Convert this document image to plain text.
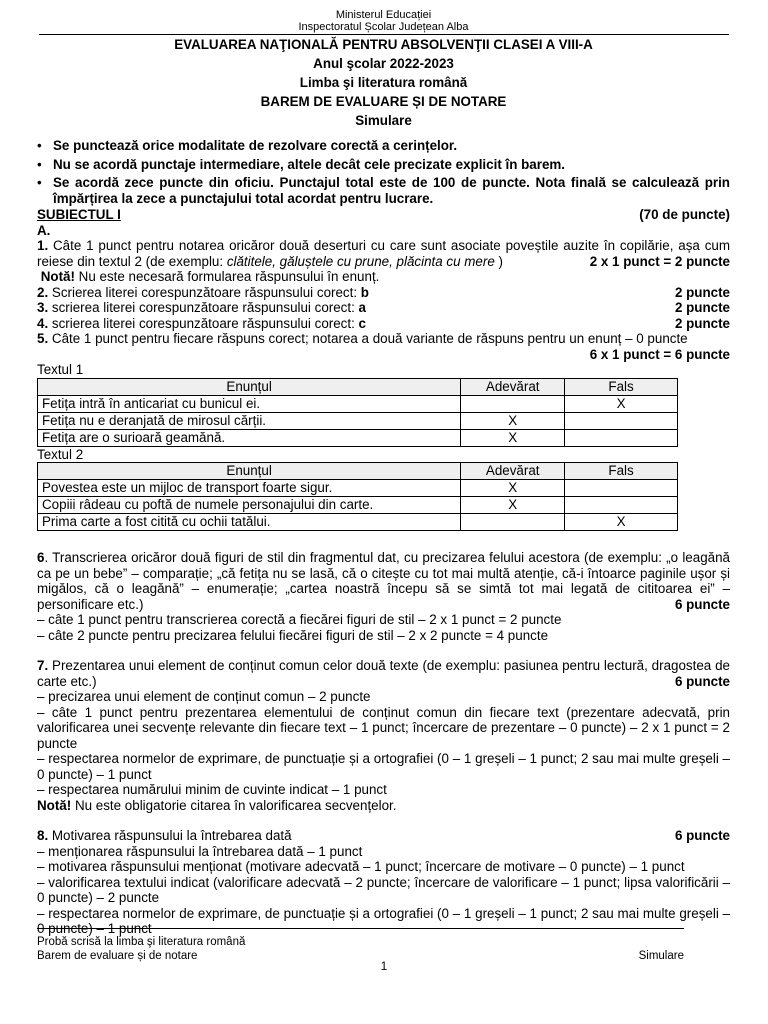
Ministerul Educației
Inspectoratul Școlar Județean Alba
EVALUAREA NAŢIONALĂ PENTRU ABSOLVENŢII CLASEI A VIII-A
Anul şcolar 2022-2023
Limba şi literatura română
BAREM DE EVALUARE ȘI DE NOTARE
Simulare
• Se punctează orice modalitate de rezolvare corectă a cerințelor.
• Nu se acordă punctaje intermediare, altele decât cele precizate explicit în barem.
• Se acordă zece puncte din oficiu. Punctajul total este de 100 de puncte. Nota finală se calculează prin împărțirea la zece a punctajului total acordat pentru lucrare.
SUBIECTUL I	(70 de puncte)
A.
1. Câte 1 punct pentru notarea oricăror două deserturi cu care sunt asociate poveștile auzite în copilărie, așa cum reiese din textul 2 (de exemplu: clătitele, găluștele cu prune, plăcinta cu mere )	2 x 1 punct = 2 puncte
Notă! Nu este necesară formularea răspunsului în enunț.
2. Scrierea literei corespunzătoare răspunsului corect: b	2 puncte
3. scrierea literei corespunzătoare răspunsului corect: a	2 puncte
4. scrierea literei corespunzătoare răspunsului corect: c	2 puncte
5. Câte 1 punct pentru fiecare răspuns corect; notarea a două variante de răspuns pentru un enunț – 0 puncte
6 x 1 punct = 6 puncte
Textul 1
Enunțul	Adevărat	Fals
Fetița intră în anticariat cu bunicul ei.		X
Fetița nu e deranjată de mirosul cărții.	X	
Fetița are o surioară geamănă.	X	
Textul 2
Enunțul	Adevărat	Fals
Povestea este un mijloc de transport foarte sigur.	X	
Copiii râdeau cu poftă de numele personajului din carte.	X	
Prima carte a fost citită cu ochii tatălui.		X
6. Transcrierea oricăror două figuri de stil din fragmentul dat, cu precizarea felului acestora (de exemplu: „o leagănă ca pe un bebe” – comparație; „că fetița nu se lasă, că o citește cu tot mai multă atenție, că-i întoarce paginile ușor și migălos, că o leagănă” – enumerație; „cartea noastră începu să se simtă tot mai legată de cititoarea ei” – personificare etc.)	6 puncte
– câte 1 punct pentru transcrierea corectă a fiecărei figuri de stil – 2 x 1 punct = 2 puncte
– câte 2 puncte pentru precizarea felului fiecărei figuri de stil – 2 x 2 puncte = 4 puncte
7. Prezentarea unui element de conținut comun celor două texte (de exemplu: pasiunea pentru lectură, dragostea de carte etc.)	6 puncte
– precizarea unui element de conținut comun – 2 puncte
– câte 1 punct pentru prezentarea elementului de conținut comun din fiecare text (prezentare adecvată, prin valorificarea unei secvențe relevante din fiecare text – 1 punct; încercare de prezentare – 0 puncte) – 2 x 1 punct = 2 puncte
– respectarea normelor de exprimare, de punctuație și a ortografiei (0 – 1 greșeli – 1 punct; 2 sau mai multe greșeli – 0 puncte) – 1 punct
– respectarea numărului minim de cuvinte indicat – 1 punct
Notă! Nu este obligatorie citarea în valorificarea secvențelor.
8. Motivarea răspunsului la întrebarea dată	6 puncte
– menționarea răspunsului la întrebarea dată – 1 punct
– motivarea răspunsului menționat (motivare adecvată – 1 punct; încercare de motivare – 0 puncte) – 1 punct
– valorificarea textului indicat (valorificare adecvată – 2 puncte; încercare de valorificare – 1 punct; lipsa valorificării – 0 puncte) – 2 puncte
– respectarea normelor de exprimare, de punctuație și a ortografiei (0 – 1 greșeli – 1 punct; 2 sau mai multe greșeli – 0 puncte) – 1 punct
Probă scrisă la limba şi literatura română
Barem de evaluare și de notare	Simulare
1
